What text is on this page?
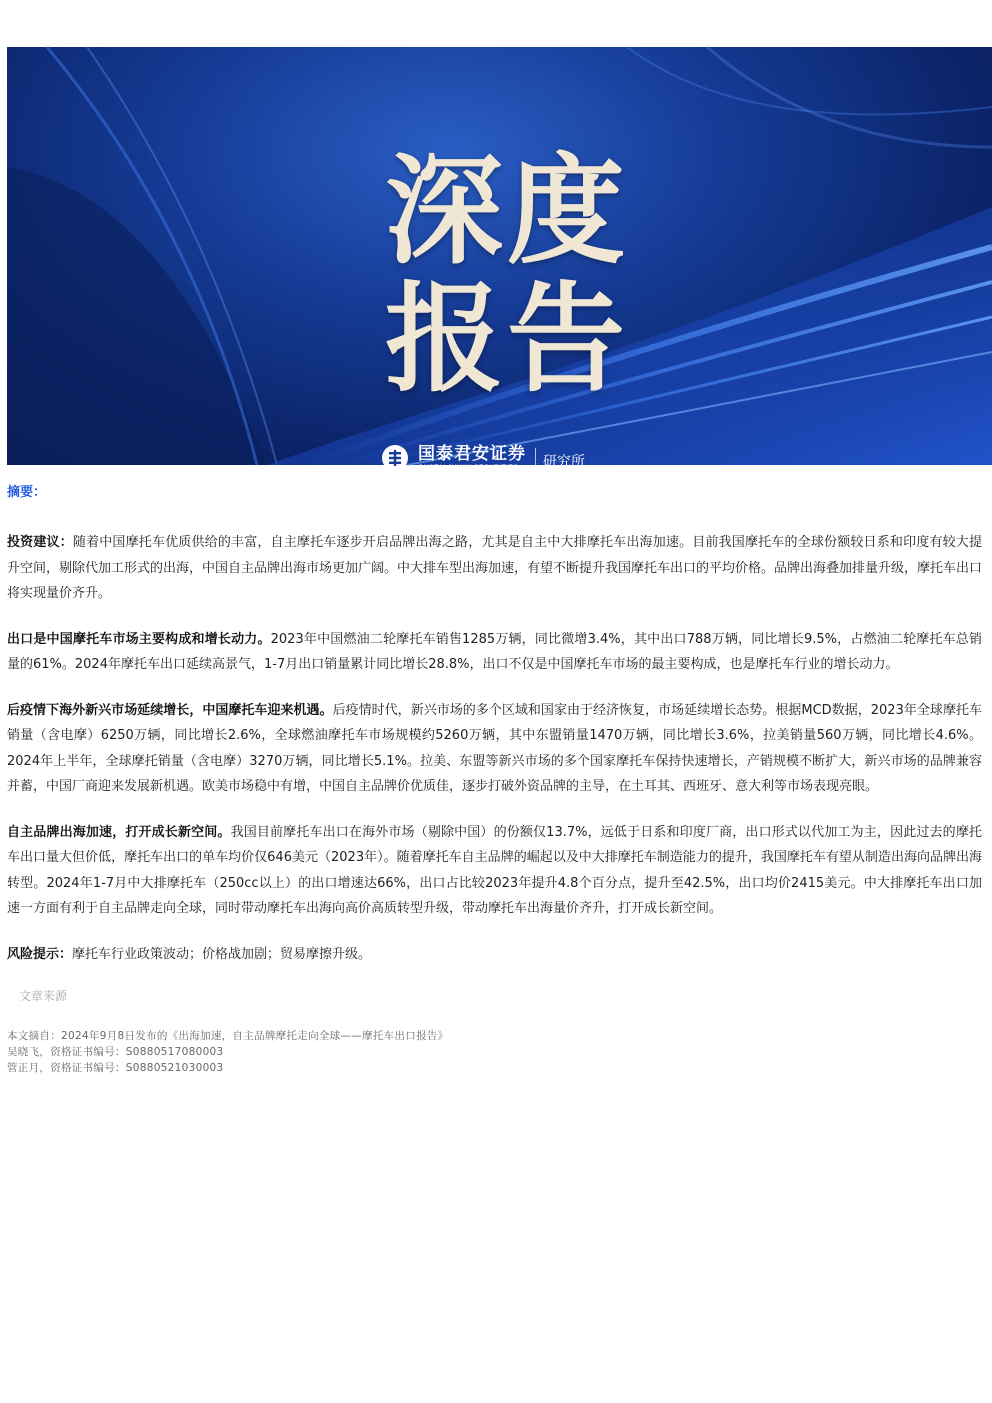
深度
报告
国泰君安证券
GUOTAI JUNAN SECURITIES	研究所
摘要：

投资建议：随着中国摩托车优质供给的丰富，自主摩托车逐步开启品牌出海之路，尤其是自主中大排摩托车出海加速。目前我国摩托车的全球份额较日系和印度有较大提升空间，剔除代加工形式的出海，中国自主品牌出海市场更加广阔。中大排车型出海加速，有望不断提升我国摩托车出口的平均价格。品牌出海叠加排量升级，摩托车出口将实现量价齐升。

出口是中国摩托车市场主要构成和增长动力。2023年中国燃油二轮摩托车销售1285万辆，同比微增3.4%，其中出口788万辆，同比增长9.5%，占燃油二轮摩托车总销量的61%。2024年摩托车出口延续高景气，1-7月出口销量累计同比增长28.8%，出口不仅是中国摩托车市场的最主要构成，也是摩托车行业的增长动力。

后疫情下海外新兴市场延续增长，中国摩托车迎来机遇。后疫情时代，新兴市场的多个区域和国家由于经济恢复，市场延续增长态势。根据MCD数据，2023年全球摩托车销量（含电摩）6250万辆，同比增长2.6%，全球燃油摩托车市场规模约5260万辆，其中东盟销量1470万辆，同比增长3.6%，拉美销量560万辆，同比增长4.6%。2024年上半年，全球摩托销量（含电摩）3270万辆，同比增长5.1%。拉美、东盟等新兴市场的多个国家摩托车保持快速增长，产销规模不断扩大，新兴市场的品牌兼容并蓄，中国厂商迎来发展新机遇。欧美市场稳中有增，中国自主品牌价优质佳，逐步打破外资品牌的主导，在土耳其、西班牙、意大利等市场表现亮眼。

自主品牌出海加速，打开成长新空间。我国目前摩托车出口在海外市场（剔除中国）的份额仅13.7%，远低于日系和印度厂商，出口形式以代加工为主，因此过去的摩托车出口量大但价低，摩托车出口的单车均价仅646美元（2023年）。随着摩托车自主品牌的崛起以及中大排摩托车制造能力的提升，我国摩托车有望从制造出海向品牌出海转型。2024年1-7月中大排摩托车（250cc以上）的出口增速达66%，出口占比较2023年提升4.8个百分点，提升至42.5%，出口均价2415美元。中大排摩托车出口加速一方面有利于自主品牌走向全球，同时带动摩托车出海向高价高质转型升级，带动摩托车出海量价齐升，打开成长新空间。

风险提示：摩托车行业政策波动；价格战加剧；贸易摩擦升级。

文章来源
本文摘自：2024年9月8日发布的《出海加速，自主品牌摩托走向全球——摩托车出口报告》
吴晓飞，资格证书编号：S0880517080003
管正月，资格证书编号：S0880521030003
